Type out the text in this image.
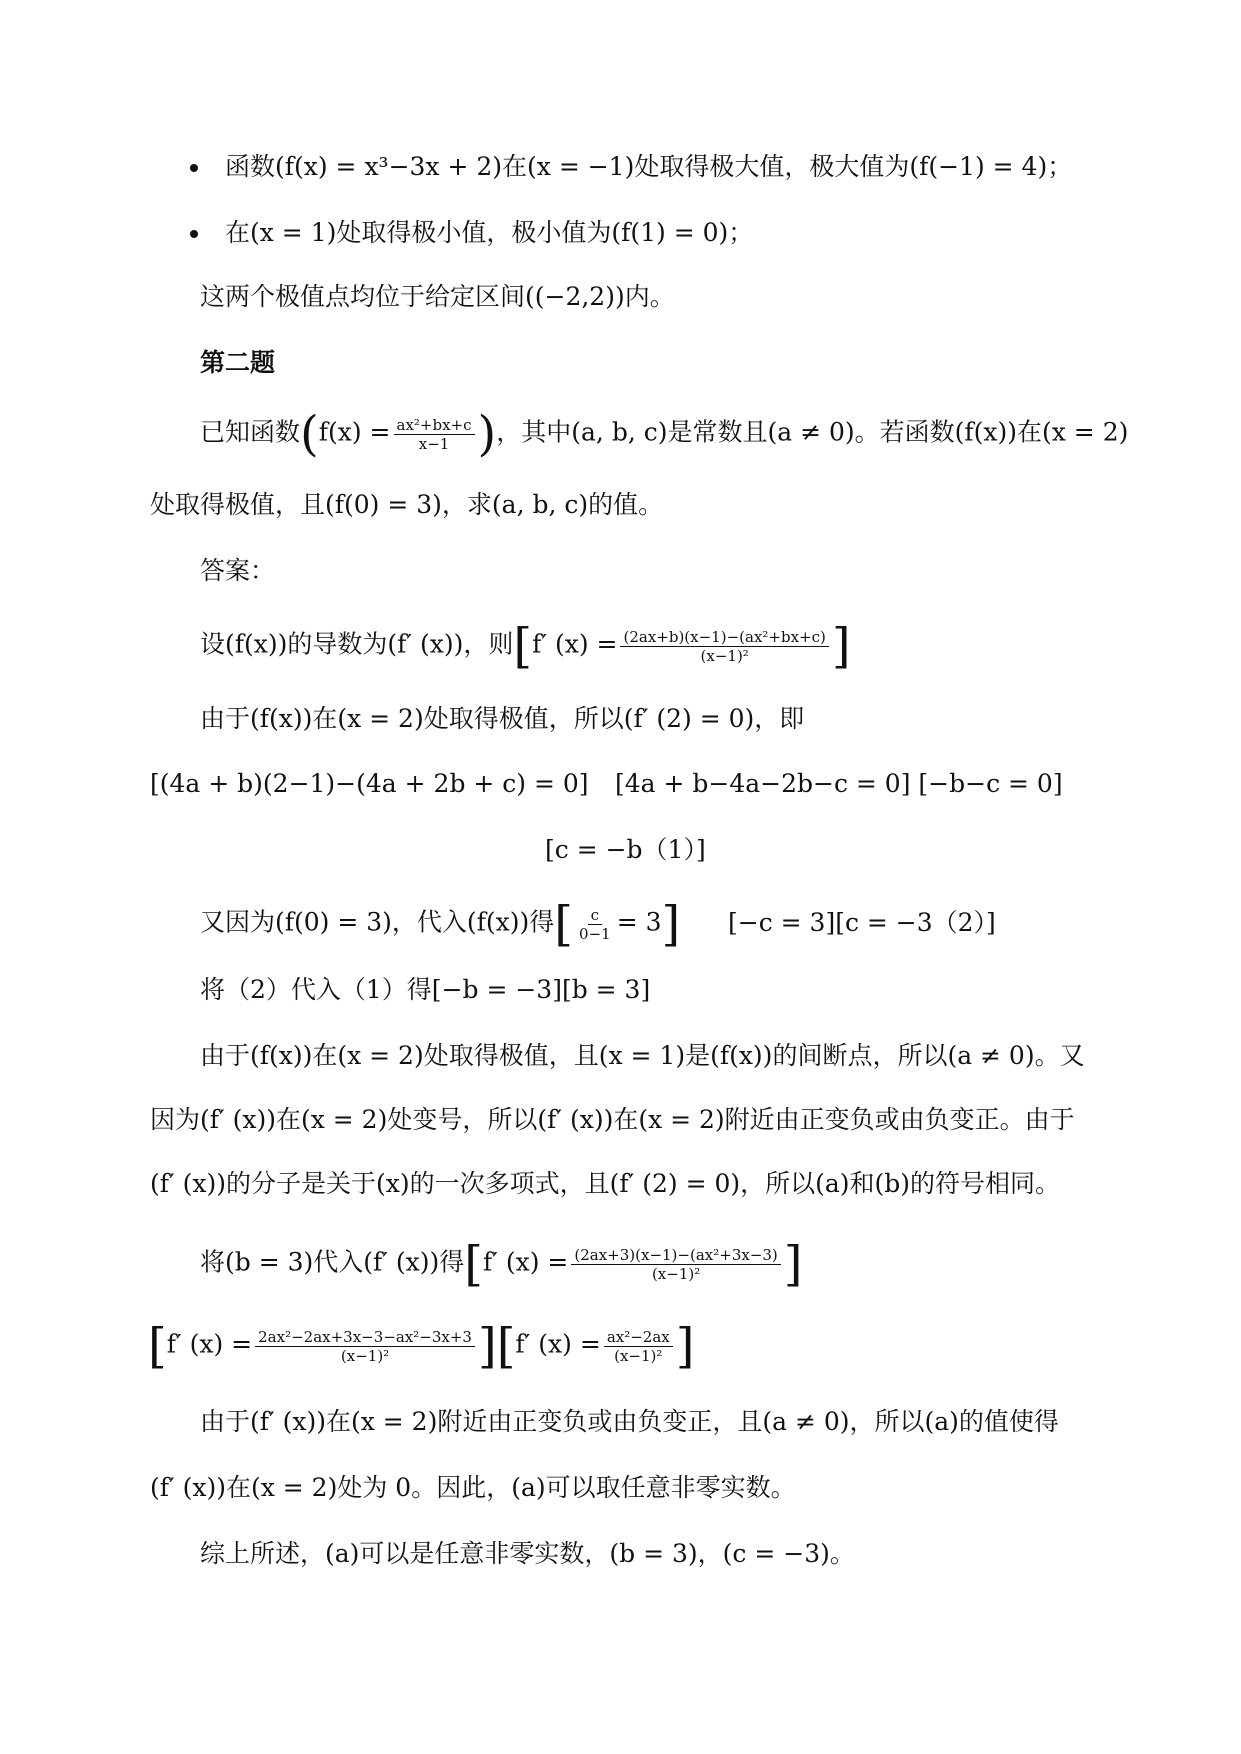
函数(f(x) = x³−3x + 2)在(x = −1)处取得极大值，极大值为(f(−1) = 4)；
在(x = 1)处取得极小值，极小值为(f(1) = 0)；
这两个极值点均位于给定区间((−2,2))内。
第二题
已知函数($f(x) = \frac{\text{ax²+bx+c}}{x-1}$ )，其中(a, b, c)是常数且(a ≠ 0)。若函数(f(x))在(x = 2)
处取得极值，且(f(0) = 3)，求(a, b, c)的值。
答案：
设(f(x))的导数为(f′ (x))，则[f′ $(x) = \frac{\text{(2ax+b)(x−1)−(ax²+bx+c)}}{\text{(x−1)²}}$ ]
由于(f(x))在(x = 2)处取得极值，所以(f′ (2) = 0)，即
[(4a + b)(2−1)−(4a + 2b + c) = 0] [4a + b−4a−2b−c = 0] [−b−c = 0]
[c = −b（1）]
又因为(f(0) = 3)，代入(f(x))得[ $\frac{c}{0-1} = 3$] [−c = 3][c = −3（2）]
将（2）代入（1）得[−b = −3][b = 3]
由于(f(x))在(x = 2)处取得极值，且(x = 1)是(f(x))的间断点，所以(a ≠ 0)。又
因为(f′ (x))在(x = 2)处变号，所以(f′ (x))在(x = 2)附近由正变负或由负变正。由于
(f′ (x))的分子是关于(x)的一次多项式，且(f′ (2) = 0)，所以(a)和(b)的符号相同。
将(b = 3)代入(f′ (x))得[f′ $(x) = \frac{\text{(2ax+3)(x−1)−(ax²+3x−3)}}{\text{(x−1)²}}$ ]
[f′ $(x) = \frac{\text{2ax²−2ax+3x−3−ax²−3x+3}}{\text{(x−1)²}} ][f'$ $(x) = \frac{\text{ax²−2ax}}{\text{(x−1)²}}$ ]
由于(f′ (x))在(x = 2)附近由正变负或由负变正，且(a ≠ 0)，所以(a)的值使得
(f′ (x))在(x = 2)处为 0。因此，(a)可以取任意非零实数。
综上所述，(a)可以是任意非零实数，(b = 3)，(c = −3)。
